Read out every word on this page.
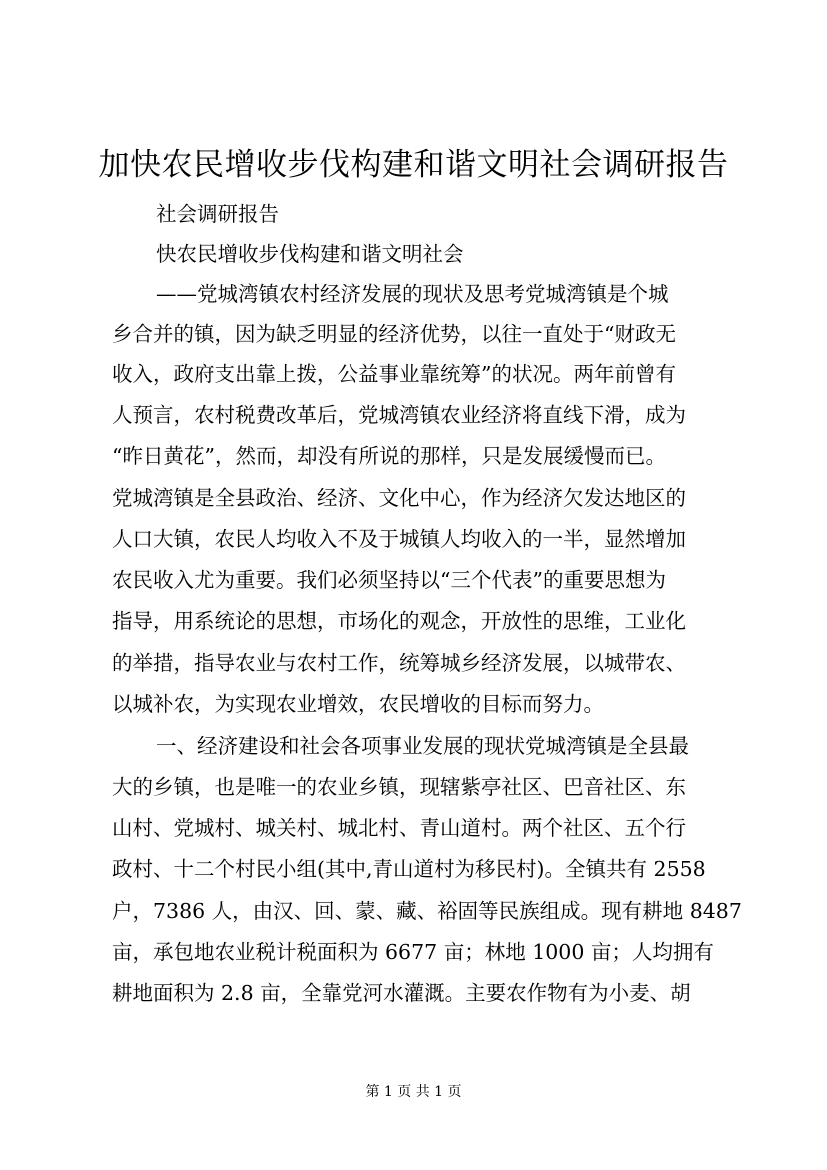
加快农民增收步伐构建和谐文明社会调研报告
社会调研报告
快农民增收步伐构建和谐文明社会
——党城湾镇农村经济发展的现状及思考党城湾镇是个城
乡合并的镇，因为缺乏明显的经济优势，以往一直处于“财政无
收入，政府支出靠上拨，公益事业靠统筹”的状况。两年前曾有
人预言，农村税费改革后，党城湾镇农业经济将直线下滑，成为
“昨日黄花”，然而，却没有所说的那样，只是发展缓慢而已。
党城湾镇是全县政治、经济、文化中心，作为经济欠发达地区的
人口大镇，农民人均收入不及于城镇人均收入的一半，显然增加
农民收入尤为重要。我们必须坚持以“三个代表”的重要思想为
指导，用系统论的思想，市场化的观念，开放性的思维，工业化
的举措，指导农业与农村工作，统筹城乡经济发展，以城带农、
以城补农，为实现农业增效，农民增收的目标而努力。
一、经济建设和社会各项事业发展的现状党城湾镇是全县最
大的乡镇，也是唯一的农业乡镇，现辖紫亭社区、巴音社区、东
山村、党城村、城关村、城北村、青山道村。两个社区、五个行
政村、十二个村民小组(其中,青山道村为移民村)。全镇共有 2558
户，7386 人，由汉、回、蒙、藏、裕固等民族组成。现有耕地 8487
亩，承包地农业税计税面积为 6677 亩；林地 1000 亩；人均拥有
耕地面积为 2.8 亩，全靠党河水灌溉。主要农作物有为小麦、胡
第 1 页 共 1 页
